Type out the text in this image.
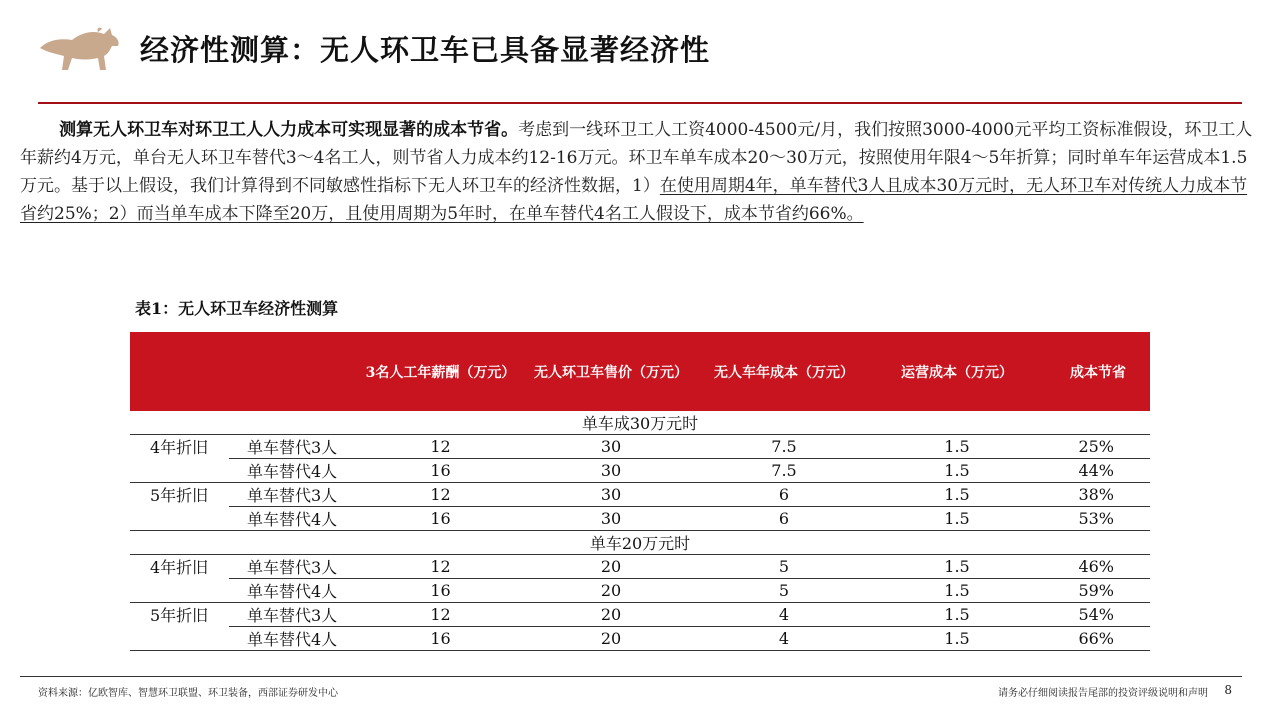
经济性测算：无人环卫车已具备显著经济性

测算无人环卫车对环卫工人人力成本可实现显著的成本节省。考虑到一线环卫工人工资4000-4500元/月，我们按照3000-4000元平均工资标准假设，环卫工人年薪约4万元，单台无人环卫车替代3～4名工人，则节省人力成本约12-16万元。环卫车单车成本20～30万元，按照使用年限4～5年折算；同时单车年运营成本1.5万元。基于以上假设，我们计算得到不同敏感性指标下无人环卫车的经济性数据，1）在使用周期4年，单车替代3人且成本30万元时，无人环卫车对传统人力成本节省约25%；2）而当单车成本下降至20万，且使用周期为5年时，在单车替代4名工人假设下，成本节省约66%。

表1：无人环卫车经济性测算

		3名人工年薪酬（万元）	无人环卫车售价（万元）	无人车年成本（万元）	运营成本（万元）	成本节省
单车成30万元时						
4年折旧	单车替代3人	12	30	7.5	1.5	25%
	单车替代4人	16	30	7.5	1.5	44%
5年折旧	单车替代3人	12	30	6	1.5	38%
	单车替代4人	16	30	6	1.5	53%
单车20万元时						
4年折旧	单车替代3人	12	20	5	1.5	46%
	单车替代4人	16	20	5	1.5	59%
5年折旧	单车替代3人	12	20	4	1.5	54%
	单车替代4人	16	20	4	1.5	66%

资料来源：亿欧智库、智慧环卫联盟、环卫装备，西部证券研发中心	请务必仔细阅读报告尾部的投资评级说明和声明 8
